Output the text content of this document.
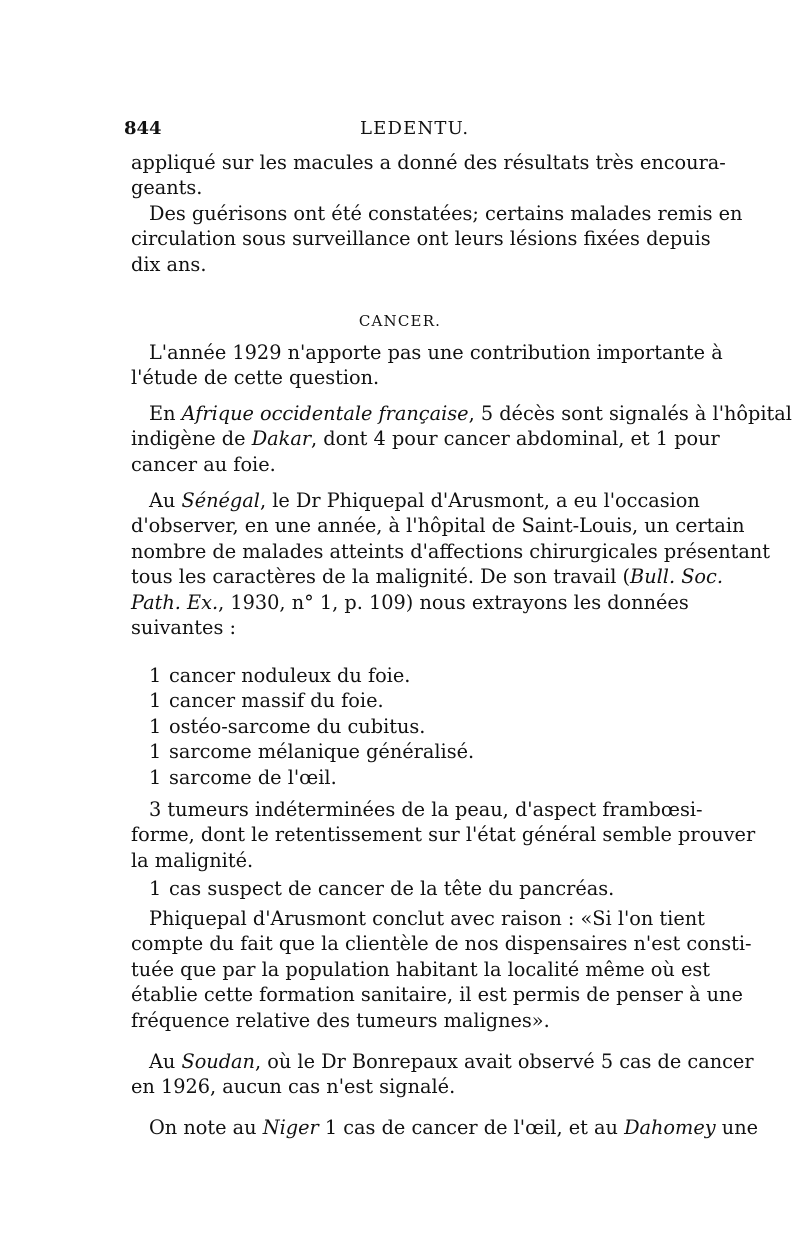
844	LEDENTU.
appliqué sur les macules a donné des résultats très encoura-
geants.
Des guérisons ont été constatées; certains malades remis en
circulation sous surveillance ont leurs lésions fixées depuis
dix ans.
CANCER.
L'année 1929 n'apporte pas une contribution importante à
l'étude de cette question.
En Afrique occidentale française, 5 décès sont signalés à l'hôpital
indigène de Dakar, dont 4 pour cancer abdominal, et 1 pour
cancer au foie.
Au Sénégal, le Dr Phiquepal d'Arusmont, a eu l'occasion
d'observer, en une année, à l'hôpital de Saint-Louis, un certain
nombre de malades atteints d'affections chirurgicales présentant
tous les caractères de la malignité. De son travail (Bull. Soc.
Path. Ex., 1930, n° 1, p. 109) nous extrayons les données
suivantes :
1 cancer noduleux du foie.
1 cancer massif du foie.
1 ostéo-sarcome du cubitus.
1 sarcome mélanique généralisé.
1 sarcome de l'œil.
3 tumeurs indéterminées de la peau, d'aspect frambœsi-
forme, dont le retentissement sur l'état général semble prouver
la malignité.
1 cas suspect de cancer de la tête du pancréas.
Phiquepal d'Arusmont conclut avec raison : «Si l'on tient
compte du fait que la clientèle de nos dispensaires n'est consti-
tuée que par la population habitant la localité même où est
établie cette formation sanitaire, il est permis de penser à une
fréquence relative des tumeurs malignes».
Au Soudan, où le Dr Bonrepaux avait observé 5 cas de cancer
en 1926, aucun cas n'est signalé.
On note au Niger 1 cas de cancer de l'œil, et au Dahomey une
